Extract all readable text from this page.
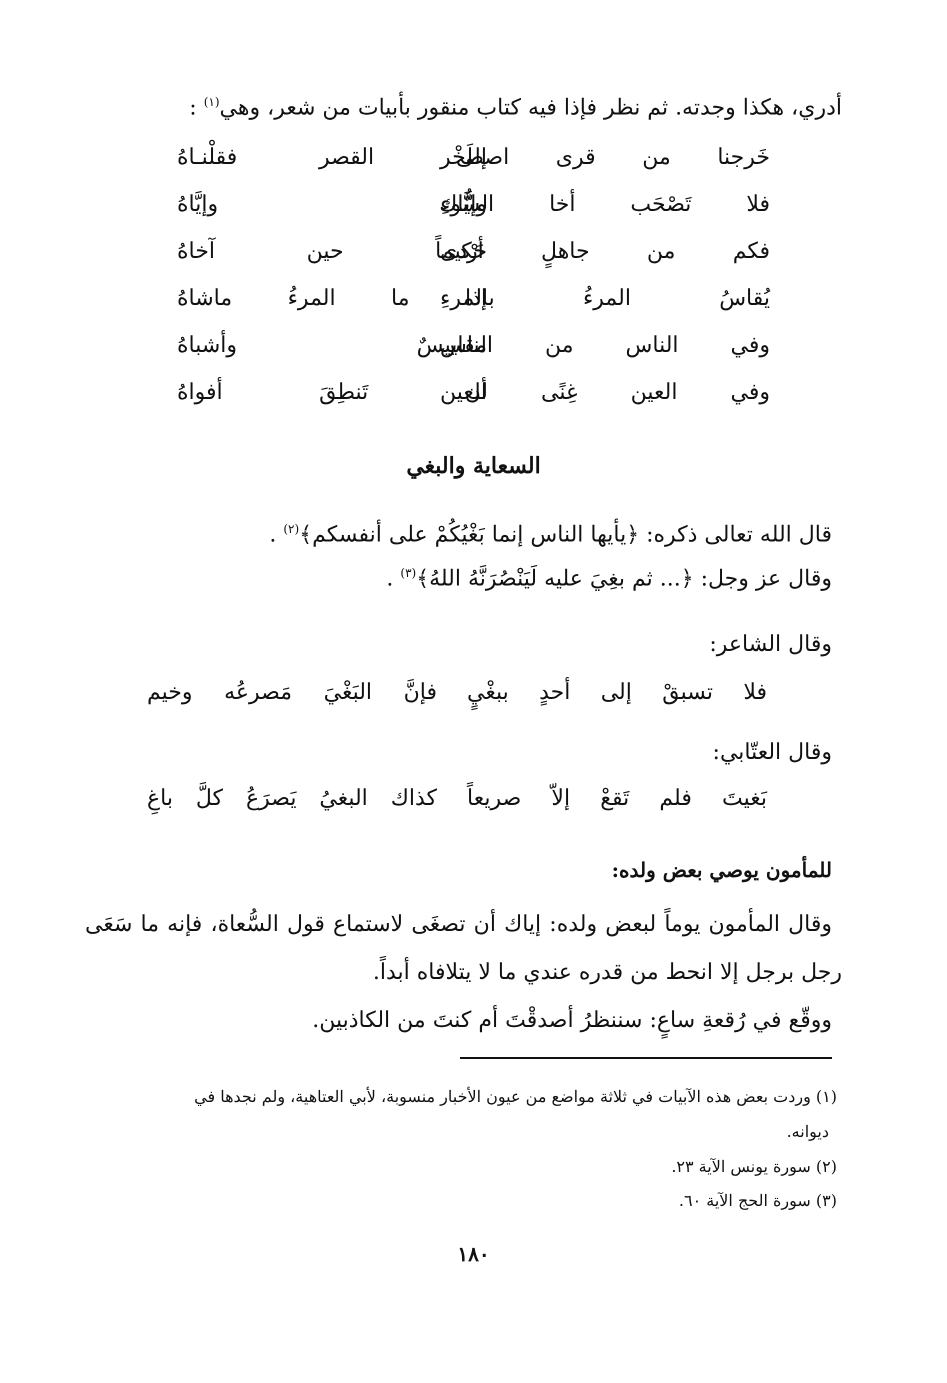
أدري، هكذا وجدته. ثم نظر فإذا فيه كتاب منقور بأبيات من شعر، وهي$^{(١)}$ :
خَرجنا من قرى اصطَخْر
إلى القصر فقلْنـاهُ
فلا تَصْحَب أخا السُّوءِ
وإيَّاك وإيَّاهُ
فكم من جاهلٍ أرْدى
حَكيماً حين آخاهُ
يُقاسُ المرءُ بالمرءِ
إذا ما المرءُ ماشاهُ
وفي الناس من الناس
مقاييسٌ وأشباهُ
وفي العين غِنًى للعين
أن تَنطِقَ أفواهُ
السعاية والبغي
قال الله تعالى ذكره: ﴿يأيها الناس إنما بَغْيُكُمْ على أنفسكم﴾$^{(٢)}$ .
وقال عز وجل: ﴿... ثم بغِيَ عليه لَيَنْصُرَنَّهُ اللهُ﴾$^{(٣)}$ .
وقال الشاعر:
فلا تسبقْ إلى أحدٍ ببغْيٍ
فإنَّ البَغْيَ مَصرعُه وخيم
وقال العتّابي:
بَغيتَ فلم تَقعْ إلاّ صريعاً
كذاك البغيُ يَصرَعُ كلَّ باغِ
للمأمون يوصي بعض ولده:
وقال المأمون يوماً لبعض ولده: إياك أن تصغَى لاستماع قول السُّعاة، فإنه ما سَعَى
رجل برجل إلا انحط من قدره عندي ما لا يتلافاه أبداً.
ووقّع في رُقعةِ ساعٍ: سننظرُ أصدقْتَ أم كنتَ من الكاذبين.
(١) وردت بعض هذه الآبيات في ثلاثة مواضع من عيون الأخبار منسوبة، لأبي العتاهية، ولم نجدها في
ديوانه.
(٢) سورة يونس الآية ٢٣.
(٣) سورة الحج الآية ٦٠.
١٨٠
